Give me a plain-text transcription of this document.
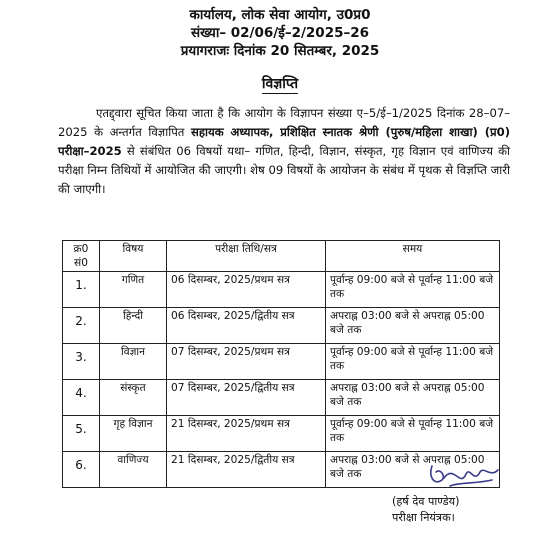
कार्यालय, लोक सेवा आयोग, उ0प्र0
संख्या– 02/06/ई–2/2025–26
प्रयागराजः दिनांक 20 सितम्बर, 2025
विज्ञप्ति
एतद्द्वारा सूचित किया जाता है कि आयोग के विज्ञापन संख्या ए–5/ई–1/2025 दिनांक 28–07–2025 के अन्तर्गत विज्ञापित सहायक अध्यापक, प्रशिक्षित स्नातक श्रेणी (पुरुष/महिला शाखा) (प्र0) परीक्षा–2025 से संबंधित 06 विषयों यथा– गणित, हिन्दी, विज्ञान, संस्कृत, गृह विज्ञान एवं वाणिज्य की परीक्षा निम्न तिथियों में आयोजित की जाएगी। शेष 09 विषयों के आयोजन के संबंध में पृथक से विज्ञप्ति जारी की जाएगी।
क्र0 सं0	विषय	परीक्षा तिथि/सत्र	समय
1.	गणित	06 दिसम्बर, 2025/प्रथम सत्र	पूर्वान्ह 09:00 बजे से पूर्वान्ह 11:00 बजे तक
2.	हिन्दी	06 दिसम्बर, 2025/द्वितीय सत्र	अपराह्न 03:00 बजे से अपराह्न 05:00 बजे तक
3.	विज्ञान	07 दिसम्बर, 2025/प्रथम सत्र	पूर्वान्ह 09:00 बजे से पूर्वान्ह 11:00 बजे तक
4.	संस्कृत	07 दिसम्बर, 2025/द्वितीय सत्र	अपराह्न 03:00 बजे से अपराह्न 05:00 बजे तक
5.	गृह विज्ञान	21 दिसम्बर, 2025/प्रथम सत्र	पूर्वान्ह 09:00 बजे से पूर्वान्ह 11:00 बजे तक
6.	वाणिज्य	21 दिसम्बर, 2025/द्वितीय सत्र	अपराह्न 03:00 बजे से अपराह्न 05:00 बजे तक
(हर्ष देव पाण्डेय)
परीक्षा नियंत्रक।
